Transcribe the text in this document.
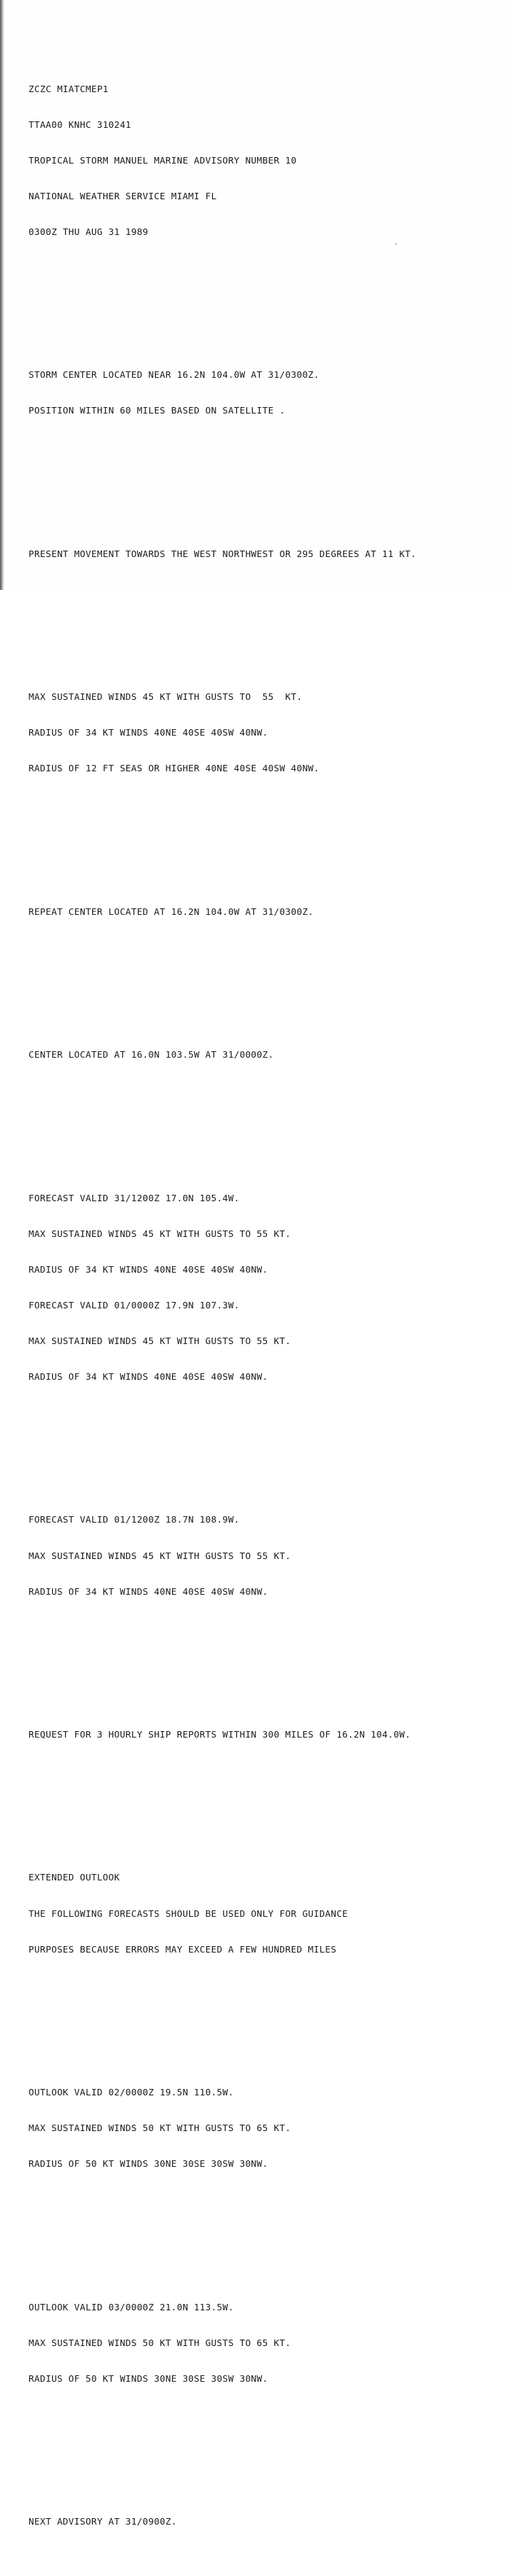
ZCZC MIATCMEP1

TTAA00 KNHC 310241

TROPICAL STORM MANUEL MARINE ADVISORY NUMBER 10

NATIONAL WEATHER SERVICE MIAMI FL

0300Z THU AUG 31 1989

STORM CENTER LOCATED NEAR 16.2N 104.0W AT 31/0300Z.

POSITION WITHIN 60 MILES BASED ON SATELLITE .

PRESENT MOVEMENT TOWARDS THE WEST NORTHWEST OR 295 DEGREES AT 11 KT.

MAX SUSTAINED WINDS 45 KT WITH GUSTS TO  55  KT.

RADIUS OF 34 KT WINDS 40NE 40SE 40SW 40NW.

RADIUS OF 12 FT SEAS OR HIGHER 40NE 40SE 40SW 40NW.

REPEAT CENTER LOCATED AT 16.2N 104.0W AT 31/0300Z.

CENTER LOCATED AT 16.0N 103.5W AT 31/0000Z.

FORECAST VALID 31/1200Z 17.0N 105.4W.

MAX SUSTAINED WINDS 45 KT WITH GUSTS TO 55 KT.

RADIUS OF 34 KT WINDS 40NE 40SE 40SW 40NW.

FORECAST VALID 01/0000Z 17.9N 107.3W.

MAX SUSTAINED WINDS 45 KT WITH GUSTS TO 55 KT.

RADIUS OF 34 KT WINDS 40NE 40SE 40SW 40NW.

FORECAST VALID 01/1200Z 18.7N 108.9W.

MAX SUSTAINED WINDS 45 KT WITH GUSTS TO 55 KT.

RADIUS OF 34 KT WINDS 40NE 40SE 40SW 40NW.

REQUEST FOR 3 HOURLY SHIP REPORTS WITHIN 300 MILES OF 16.2N 104.0W.

EXTENDED OUTLOOK

THE FOLLOWING FORECASTS SHOULD BE USED ONLY FOR GUIDANCE

PURPOSES BECAUSE ERRORS MAY EXCEED A FEW HUNDRED MILES

OUTLOOK VALID 02/0000Z 19.5N 110.5W.

MAX SUSTAINED WINDS 50 KT WITH GUSTS TO 65 KT.

RADIUS OF 50 KT WINDS 30NE 30SE 30SW 30NW.

OUTLOOK VALID 03/0000Z 21.0N 113.5W.

MAX SUSTAINED WINDS 50 KT WITH GUSTS TO 65 KT.

RADIUS OF 50 KT WINDS 30NE 30SE 30SW 30NW.

NEXT ADVISORY AT 31/0900Z.
